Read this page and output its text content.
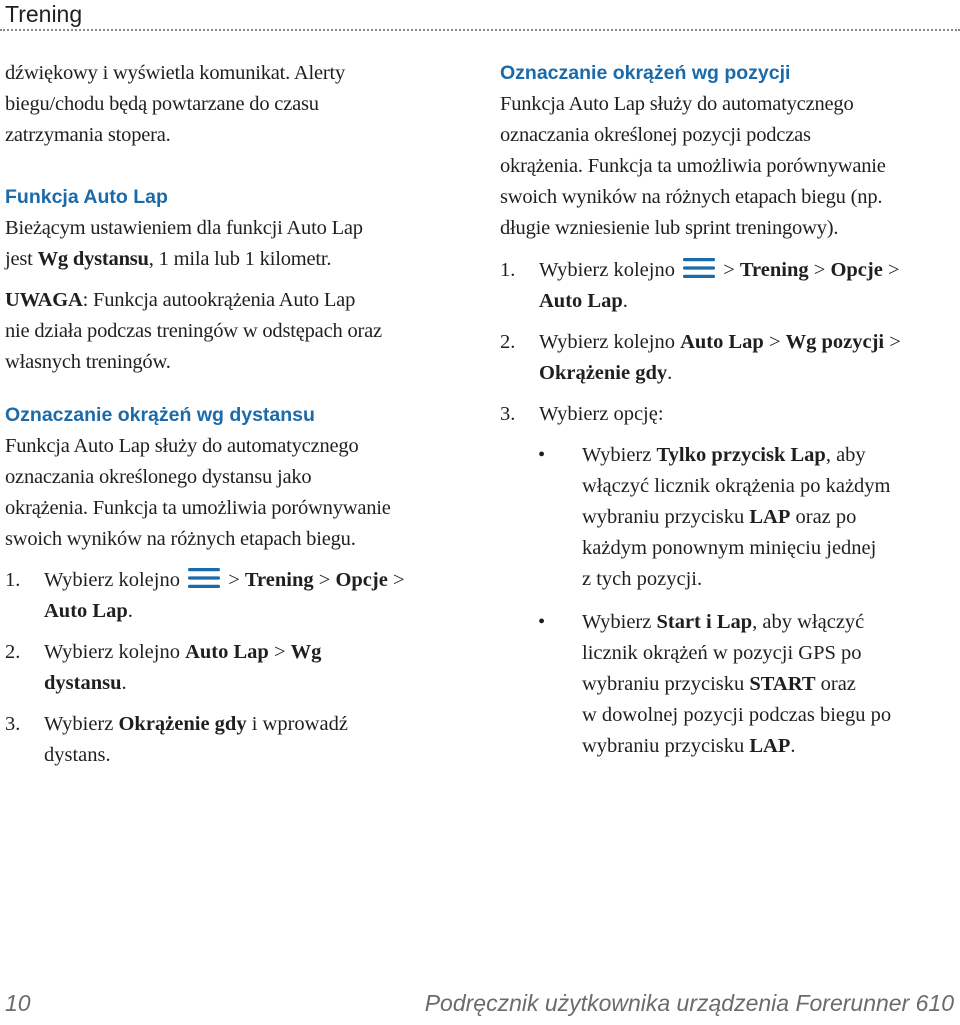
Trening

dźwiękowy i wyświetla komunikat. Alerty

biegu/chodu będą powtarzane do czasu

zatrzymania stopera.

Funkcja Auto Lap

Bieżącym ustawieniem dla funkcji Auto Lap

jest Wg dystansu, 1 mila lub 1 kilometr.

UWAGA: Funkcja autookrążenia Auto Lap

nie działa podczas treningów w odstępach oraz

własnych treningów.

Oznaczanie okrążeń wg dystansu

Funkcja Auto Lap służy do automatycznego

oznaczania określonego dystansu jako

okrążenia. Funkcja ta umożliwia porównywanie

swoich wyników na różnych etapach biegu.

1.	Wybierz kolejno  > Trening > Opcje >
Auto Lap.
2.	Wybierz kolejno Auto Lap > Wg
dystansu.
3.	Wybierz Okrążenie gdy i wprowadź
dystans.
Oznaczanie okrążeń wg pozycji

Funkcja Auto Lap służy do automatycznego

oznaczania określonej pozycji podczas

okrążenia. Funkcja ta umożliwia porównywanie

swoich wyników na różnych etapach biegu (np.

długie wzniesienie lub sprint treningowy).

1.	Wybierz kolejno  > Trening > Opcje >
Auto Lap.
2.	Wybierz kolejno Auto Lap > Wg pozycji >
Okrążenie gdy.
3.	Wybierz opcję:
•	Wybierz Tylko przycisk Lap, aby
włączyć licznik okrążenia po każdym
wybraniu przycisku LAP oraz po
każdym ponownym minięciu jednej
z tych pozycji.
•	Wybierz Start i Lap, aby włączyć
licznik okrążeń w pozycji GPS po
wybraniu przycisku START oraz
w dowolnej pozycji podczas biegu po
wybraniu przycisku LAP.
10	Podręcznik użytkownika urządzenia Forerunner 610
